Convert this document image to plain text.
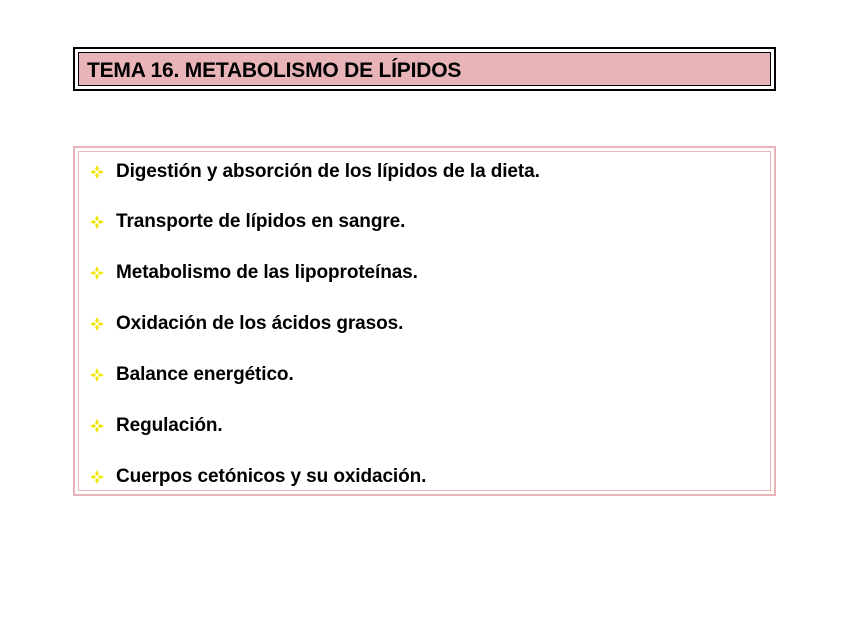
TEMA 16. METABOLISMO DE LÍPIDOS
Digestión y absorción de los lípidos de la dieta.
Transporte de lípidos en sangre.
Metabolismo de las lipoproteínas.
Oxidación de los ácidos grasos.
Balance energético.
Regulación.
Cuerpos cetónicos y su oxidación.
